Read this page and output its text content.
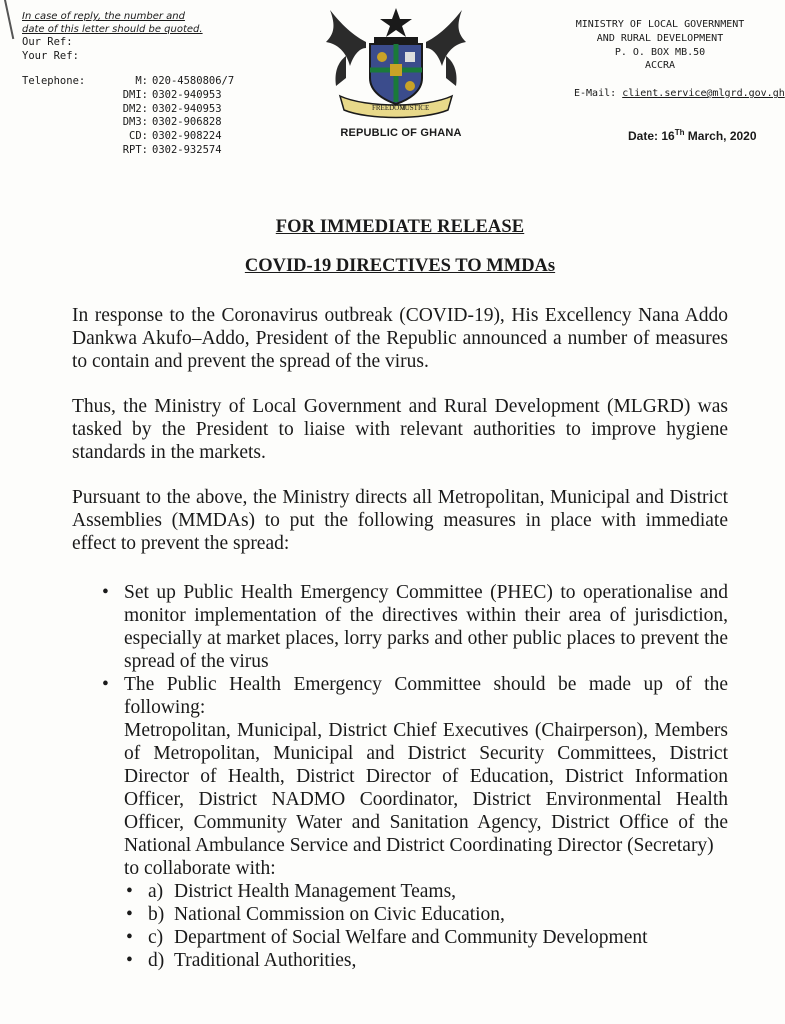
In case of reply, the number and
date of this letter should be quoted.
Our Ref:
Your Ref:
Telephone:	M: 020-4580806/7
DMI: 0302-940953
DM2: 0302-940953
DM3: 0302-906828
CD: 0302-908224
RPT: 0302-932574
FREEDOM
JUSTICE
REPUBLIC OF GHANA
MINISTRY OF LOCAL GOVERNMENT
AND RURAL DEVELOPMENT
P. O. BOX MB.50
ACCRA
E-Mail: client.service@mlgrd.gov.gh
Date: 16Th March, 2020
FOR IMMEDIATE RELEASE
COVID-19 DIRECTIVES TO MMDAs

In response to the Coronavirus outbreak (COVID-19), His Excellency Nana Addo Dankwa Akufo–Addo, President of the Republic announced a number of measures to contain and prevent the spread of the virus.

Thus, the Ministry of Local Government and Rural Development (MLGRD) was tasked by the President to liaise with relevant authorities to improve hygiene standards in the markets.

Pursuant to the above, the Ministry directs all Metropolitan, Municipal and District Assemblies (MMDAs) to put the following measures in place with immediate effect to prevent the spread:

• Set up Public Health Emergency Committee (PHEC) to operationalise and monitor implementation of the directives within their area of jurisdiction, especially at market places, lorry parks and other public places to prevent the spread of the virus
• The Public Health Emergency Committee should be made up of the following:
Metropolitan, Municipal, District Chief Executives (Chairperson), Members of Metropolitan, Municipal and District Security Committees, District Director of Health, District Director of Education, District Information Officer, District NADMO Coordinator, District Environmental Health Officer, Community Water and Sanitation Agency, District Office of the National Ambulance Service and District Coordinating Director (Secretary)
to collaborate with:
• a) District Health Management Teams,
• b) National Commission on Civic Education,
• c) Department of Social Welfare and Community Development
• d) Traditional Authorities,
